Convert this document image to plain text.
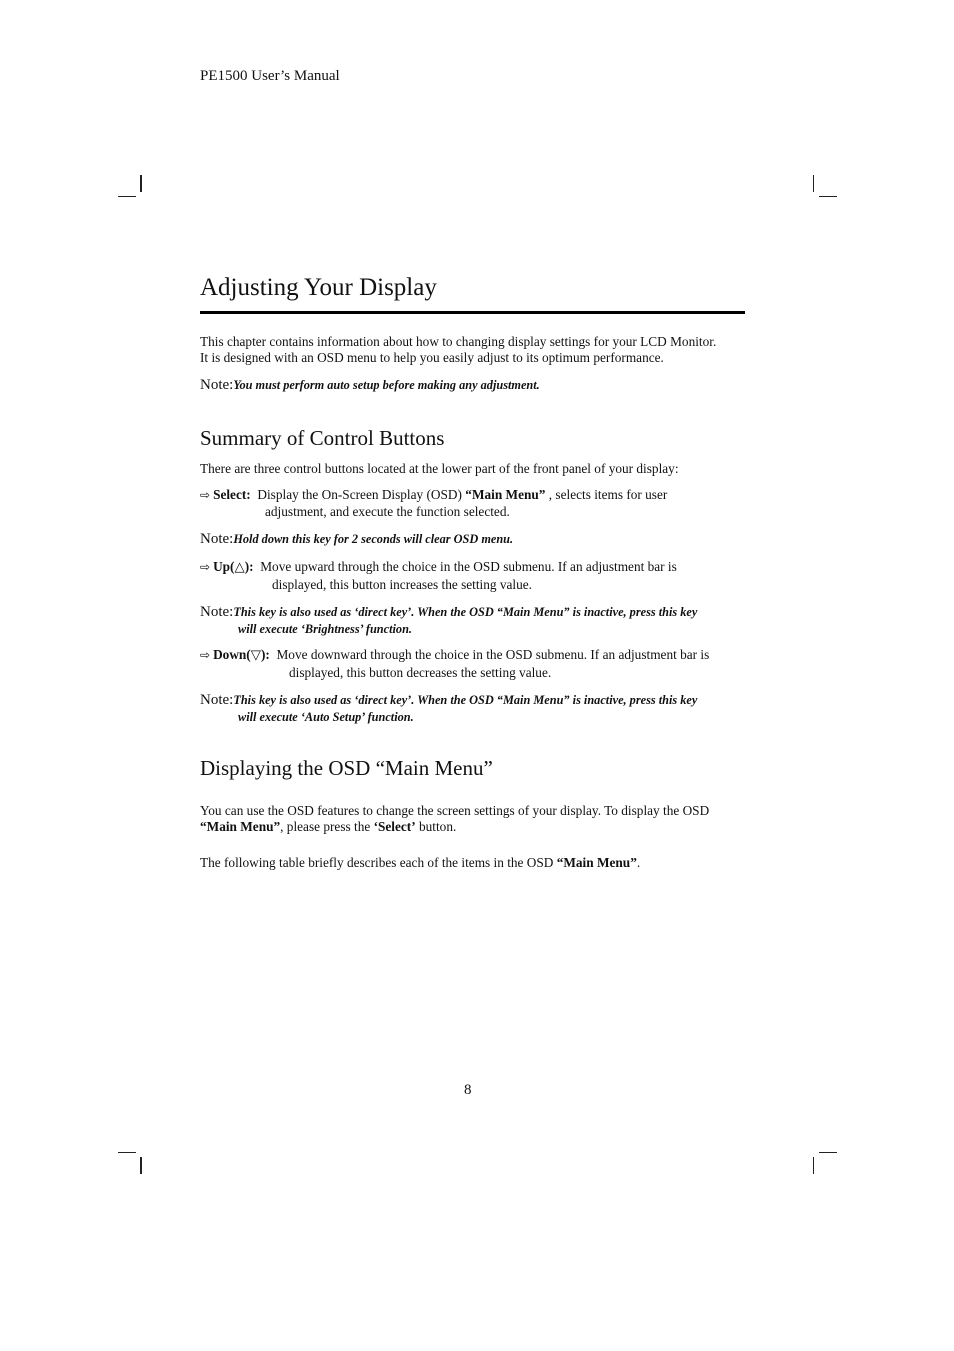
PE1500 User’s Manual
Adjusting Your Display

This chapter contains information about how to changing display settings for your LCD Monitor.

It is designed with an OSD menu to help you easily adjust to its optimum performance.

Note:You must perform auto setup before making any adjustment.
Summary of Control Buttons

There are three control buttons located at the lower part of the front panel of your display:

⇨ Select: Display the On-Screen Display (OSD) “Main Menu” , selects items for user
adjustment, and execute the function selected.
Note:Hold down this key for 2 seconds will clear OSD menu.
⇨ Up(△): Move upward through the choice in the OSD submenu. If an adjustment bar is
displayed, this button increases the setting value.
Note:This key is also used as ‘direct key’. When the OSD “Main Menu” is inactive, press this key
will execute ‘Brightness’ function.
⇨ Down(▽): Move downward through the choice in the OSD submenu. If an adjustment bar is
displayed, this button decreases the setting value.
Note:This key is also used as ‘direct key’. When the OSD “Main Menu” is inactive, press this key
will execute ‘Auto Setup’ function.
Displaying the OSD “Main Menu”

You can use the OSD features to change the screen settings of your display. To display the OSD

“Main Menu”, please press the ‘Select’ button.

The following table briefly describes each of the items in the OSD “Main Menu”.

8
